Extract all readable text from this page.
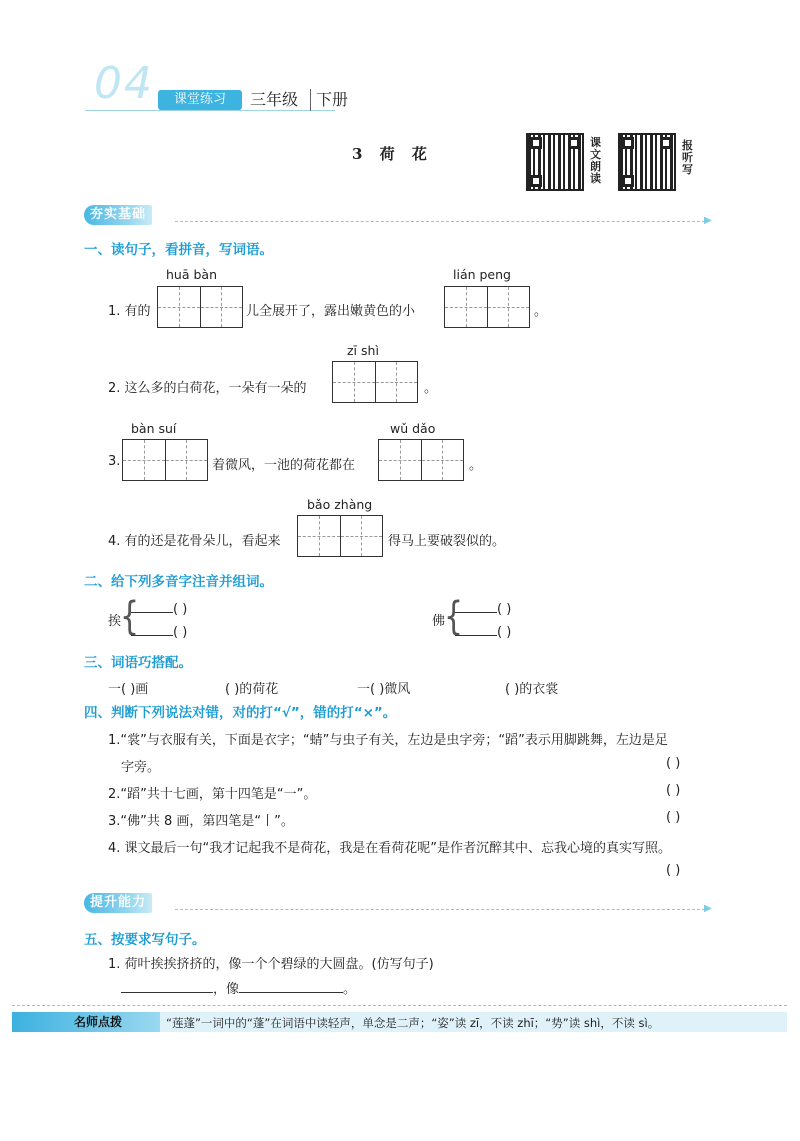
04	课堂练习	三年级 下册
3 荷 花
课
文
朗
读
报
听
写
夯实基础	▶
一、读句子，看拼音，写词语。
huā bàn
1. 有的	儿全展开了，露出嫩黄色的小
lián peng
。
zī shì
2. 这么多的白荷花，一朵有一朵的	。
bàn suí
3.	着微风，一池的荷花都在
wǔ dǎo
。
bǎo zhàng
4. 有的还是花骨朵儿，看起来	得马上要破裂似的。
二、给下列多音字注音并组词。
挨
{	( )
( )
佛
{	( )
( )
三、词语巧搭配。
一( )画	( )的荷花	一( )微风	( )的衣裳
四、判断下列说法对错，对的打“√”，错的打“×”。
1.“裳”与衣服有关，下面是衣字；“蜻”与虫子有关，左边是虫字旁；“蹈”表示用脚跳舞，左边是足
字旁。	( )
2.“蹈”共十七画，第十四笔是“一”。	( )
3.“佛”共 8 画，第四笔是“丨”。	( )
4. 课文最后一句“我才记起我不是荷花，我是在看荷花呢”是作者沉醉其中、忘我心境的真实写照。
( )
提升能力	▶
五、按要求写句子。
1. 荷叶挨挨挤挤的，像一个个碧绿的大圆盘。(仿写句子)
，像	。
名师点拨	“莲蓬”一词中的“蓬”在词语中读轻声，单念是二声；“姿”读 zī，不读 zhī；“势”读 shì，不读 sì。
